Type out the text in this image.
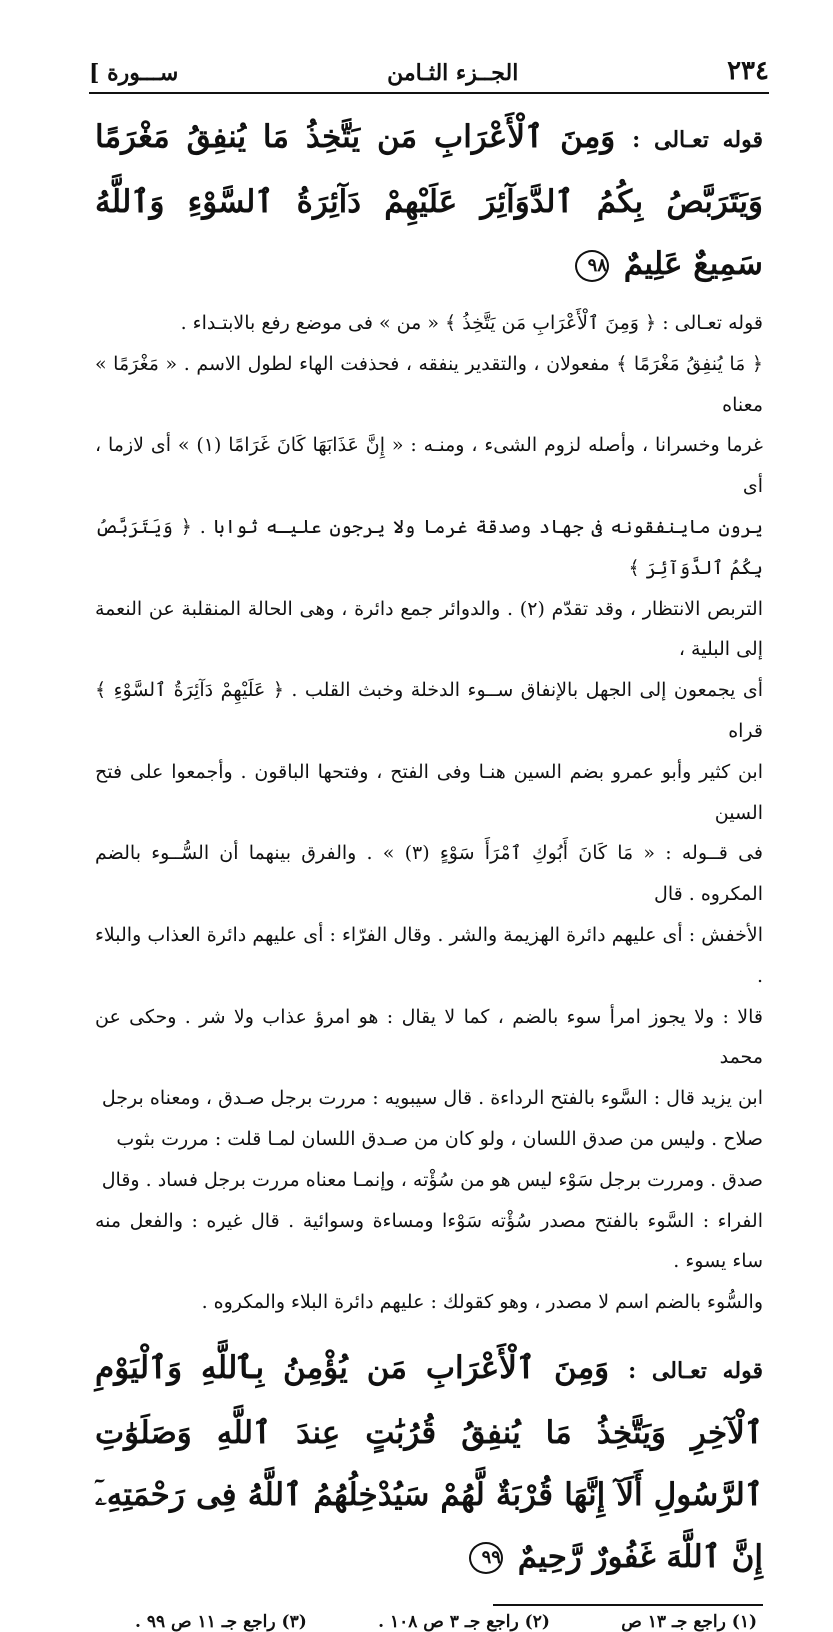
٢٣٤
الجــزء الثـامن
ســـورة ]
قوله تعـالى : وَمِنَ ٱلْأَعْرَابِ مَن يَتَّخِذُ مَا يُنفِقُ مَغْرَمًا وَيَتَرَبَّصُ بِكُمُ ٱلدَّوَآئِرَ عَلَيْهِمْ دَآئِرَةُ ٱلسَّوْءِ وَٱللَّهُ سَمِيعٌ عَلِيمٌ ٩٨

قوله تعـالى : ﴿ وَمِنَ ٱلْأَعْرَابِ مَن يَتَّخِذُ ﴾ « من » فى موضع رفع بالابتـداء .

﴿ مَا يُنفِقُ مَغْرَمًا ﴾ مفعولان ، والتقدير ينفقه ، فحذفت الهاء لطول الاسم . « مَغْرَمًا » معناه

غرما وخسرانا ، وأصله لزوم الشىء ، ومنـه : « إِنَّ عَذَابَهَا كَانَ غَرَامًا (١) » أى لازما ، أى

يرون ماينفقونه فى جهاد وصدقة غرما ولا يرجون عليـه ثوابا . ﴿ وَيَتَرَبَّصُ بِكُمُ ٱلدَّوَآئِرَ ﴾

التربص الانتظار ، وقد تقدّم (٢) . والدوائر جمع دائرة ، وهى الحالة المنقلبة عن النعمة إلى البلية ،

أى يجمعون إلى الجهل بالإنفاق ســوء الدخلة وخبث القلب . ﴿ عَلَيْهِمْ دَآئِرَةُ ٱلسَّوْءِ ﴾ قراه

ابن كثير وأبو عمرو بضم السين هنـا وفى الفتح ، وفتحها الباقون . وأجمعوا على فتح السين

فى قــوله : « مَا كَانَ أَبُوكِ ٱمْرَأَ سَوْءٍ (٣) » . والفرق بينهما أن السُّــوء بالضم المكروه . قال

الأخفش : أى عليهم دائرة الهزيمة والشر . وقال الفرّاء : أى عليهم دائرة العذاب والبلاء .

قالا : ولا يجوز امرأ سوء بالضم ، كما لا يقال : هو امرؤ عذاب ولا شر . وحكى عن محمد

ابن يزيد قال : السَّوء بالفتح الرداءة . قال سيبويه : مررت برجل صـدق ، ومعناه برجل

صلاح . وليس من صدق اللسان ، ولو كان من صـدق اللسان لمـا قلت : مررت بثوب

صدق . ومررت برجل سَوْء ليس هو من سُؤْته ، وإنمـا معناه مررت برجل فساد . وقال

الفراء : السَّوء بالفتح مصدر سُؤْته سَوْءا ومساءة وسوائية . قال غيره : والفعل منه ساء يسوء .

والسُّوء بالضم اسم لا مصدر ، وهو كقولك : عليهم دائرة البلاء والمكروه .

قوله تعـالى : وَمِنَ ٱلْأَعْرَابِ مَن يُؤْمِنُ بِٱللَّهِ وَٱلْيَوْمِ ٱلْآخِرِ وَيَتَّخِذُ مَا يُنفِقُ قُرُبَٰتٍ عِندَ ٱللَّهِ وَصَلَوَٰتِ ٱلرَّسُولِ أَلَآ إِنَّهَا قُرْبَةٌ لَّهُمْ سَيُدْخِلُهُمُ ٱللَّهُ فِى رَحْمَتِهِۦٓ إِنَّ ٱللَّهَ غَفُورٌ رَّحِيمٌ ٩٩
(١) راجع جـ ١٣ ص
(٢) راجع جـ ٣ ص ١٠٨ .
(٣) راجع جـ ١١ ص ٩٩ .
